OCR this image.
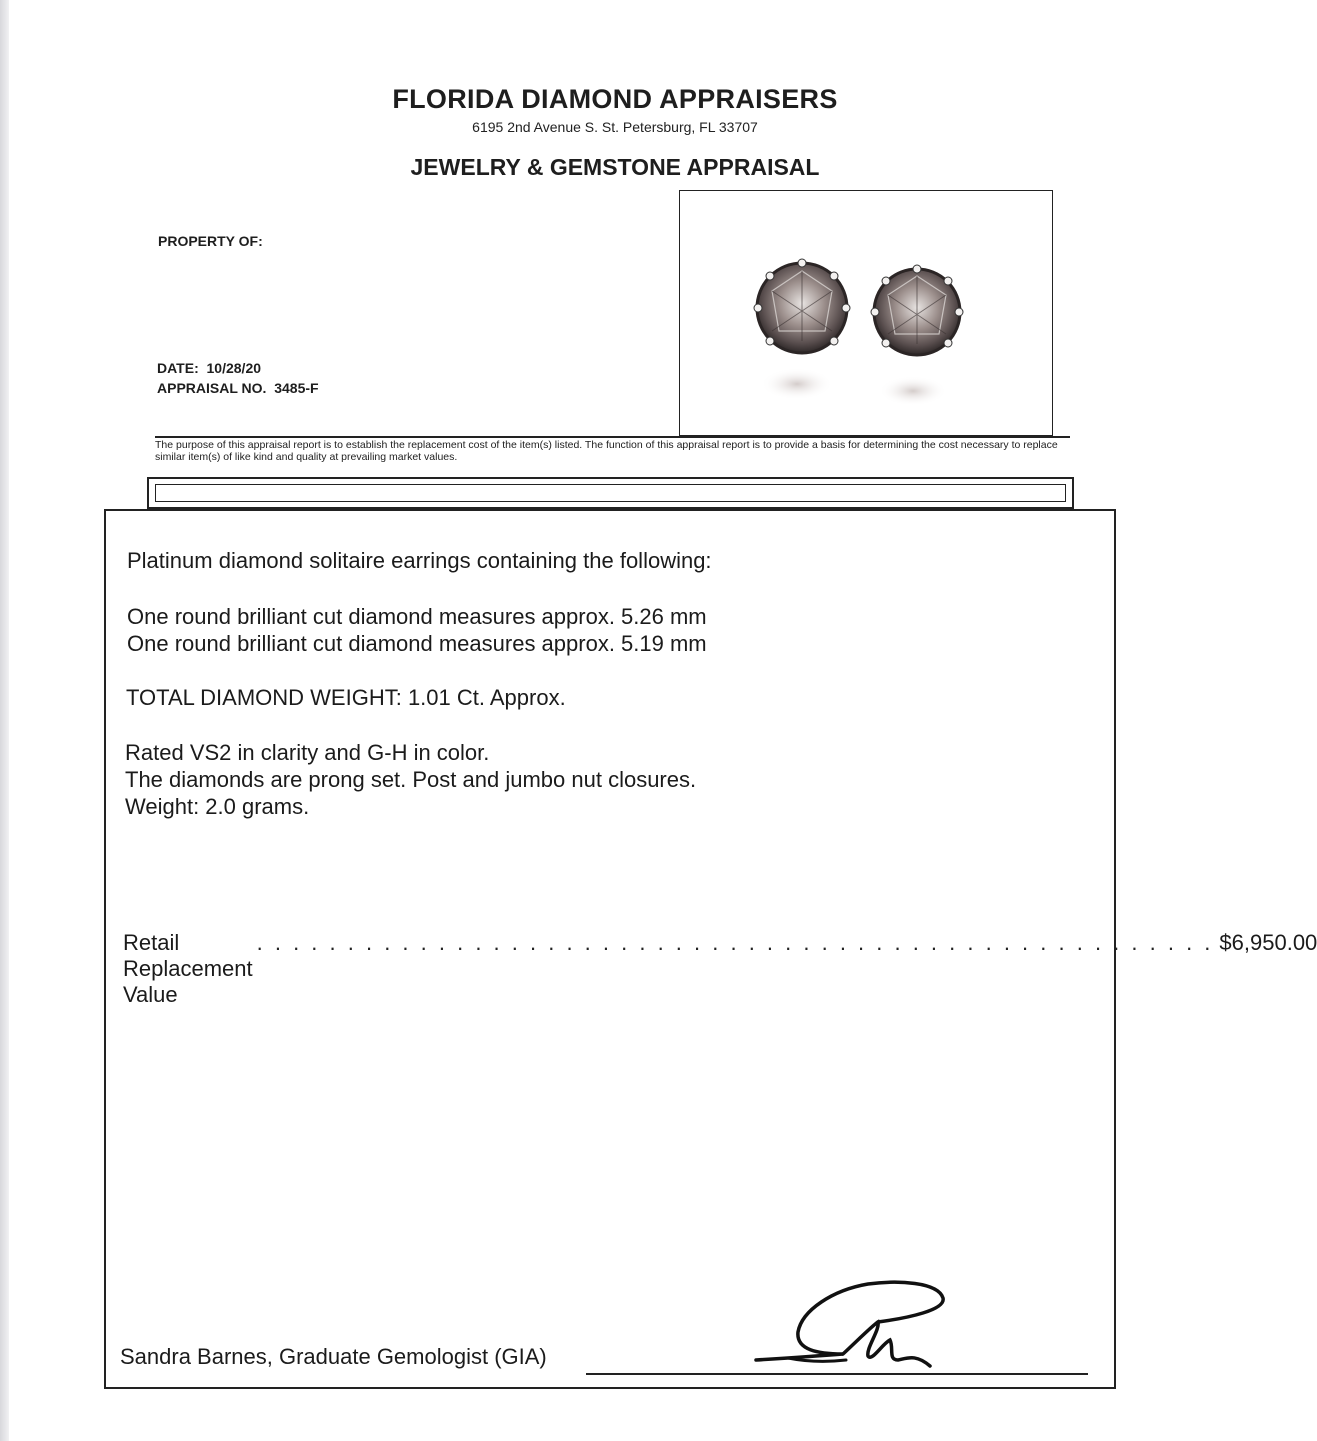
FLORIDA DIAMOND APPRAISERS
6195 2nd Avenue S. St. Petersburg, FL 33707
JEWELRY & GEMSTONE APPRAISAL
PROPERTY OF:
DATE: 10/28/20
APPRAISAL NO. 3485-F
The purpose of this appraisal report is to establish the replacement cost of the item(s) listed. The function of this appraisal report is to provide a basis for determining the cost necessary to replace similar item(s) of like kind and quality at prevailing market values.
Platinum diamond solitaire earrings containing the following:
One round brilliant cut diamond measures approx. 5.26 mm
One round brilliant cut diamond measures approx. 5.19 mm
TOTAL DIAMOND WEIGHT: 1.01 Ct. Approx.
Rated VS2 in clarity and G-H in color.
The diamonds are prong set. Post and jumbo nut closures.
Weight: 2.0 grams.
Retail Replacement Value
. . . . . . . . . . . . . . . . . . . . . . . . . . . . . . . . . . . . . . . . . . . . . . . . . . . . . $6,950.00
Sandra Barnes, Graduate Gemologist (GIA)
